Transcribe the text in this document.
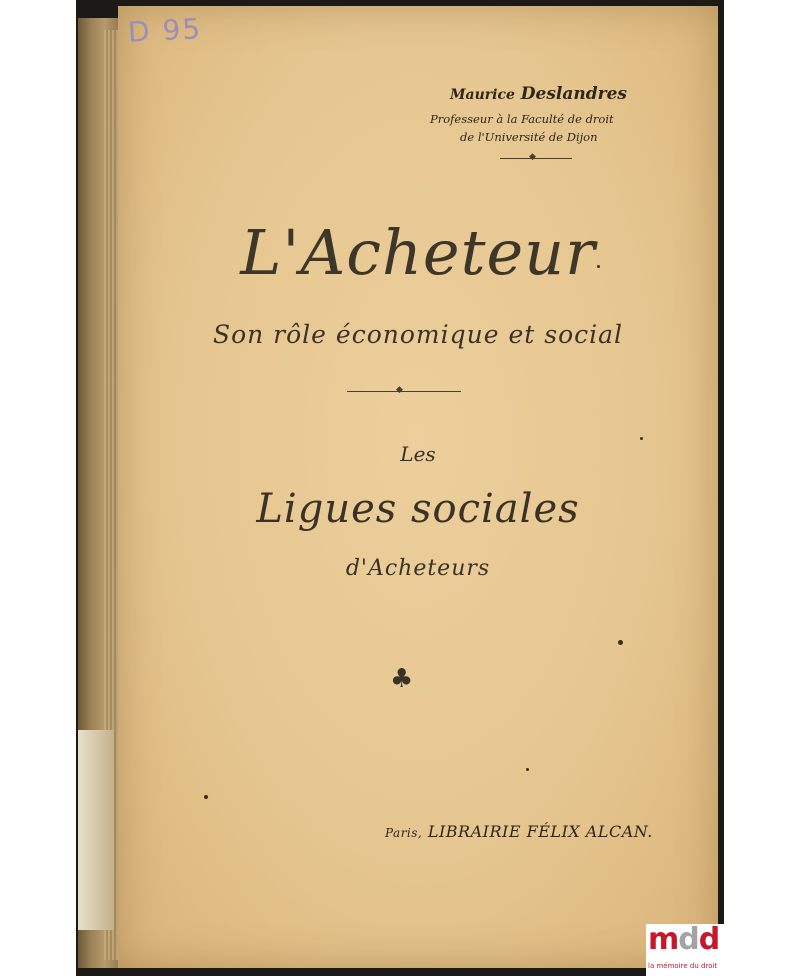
D 95
Maurice Deslandres
Professeur à la Faculté de droit
de l'Université de Dijon
◆
L'Acheteur
Son rôle économique et social
◆
Les
Ligues sociales
d'Acheteurs
♣
Paris, LIBRAIRIE FÉLIX ALCAN.
mdd
la mémoire du droit
